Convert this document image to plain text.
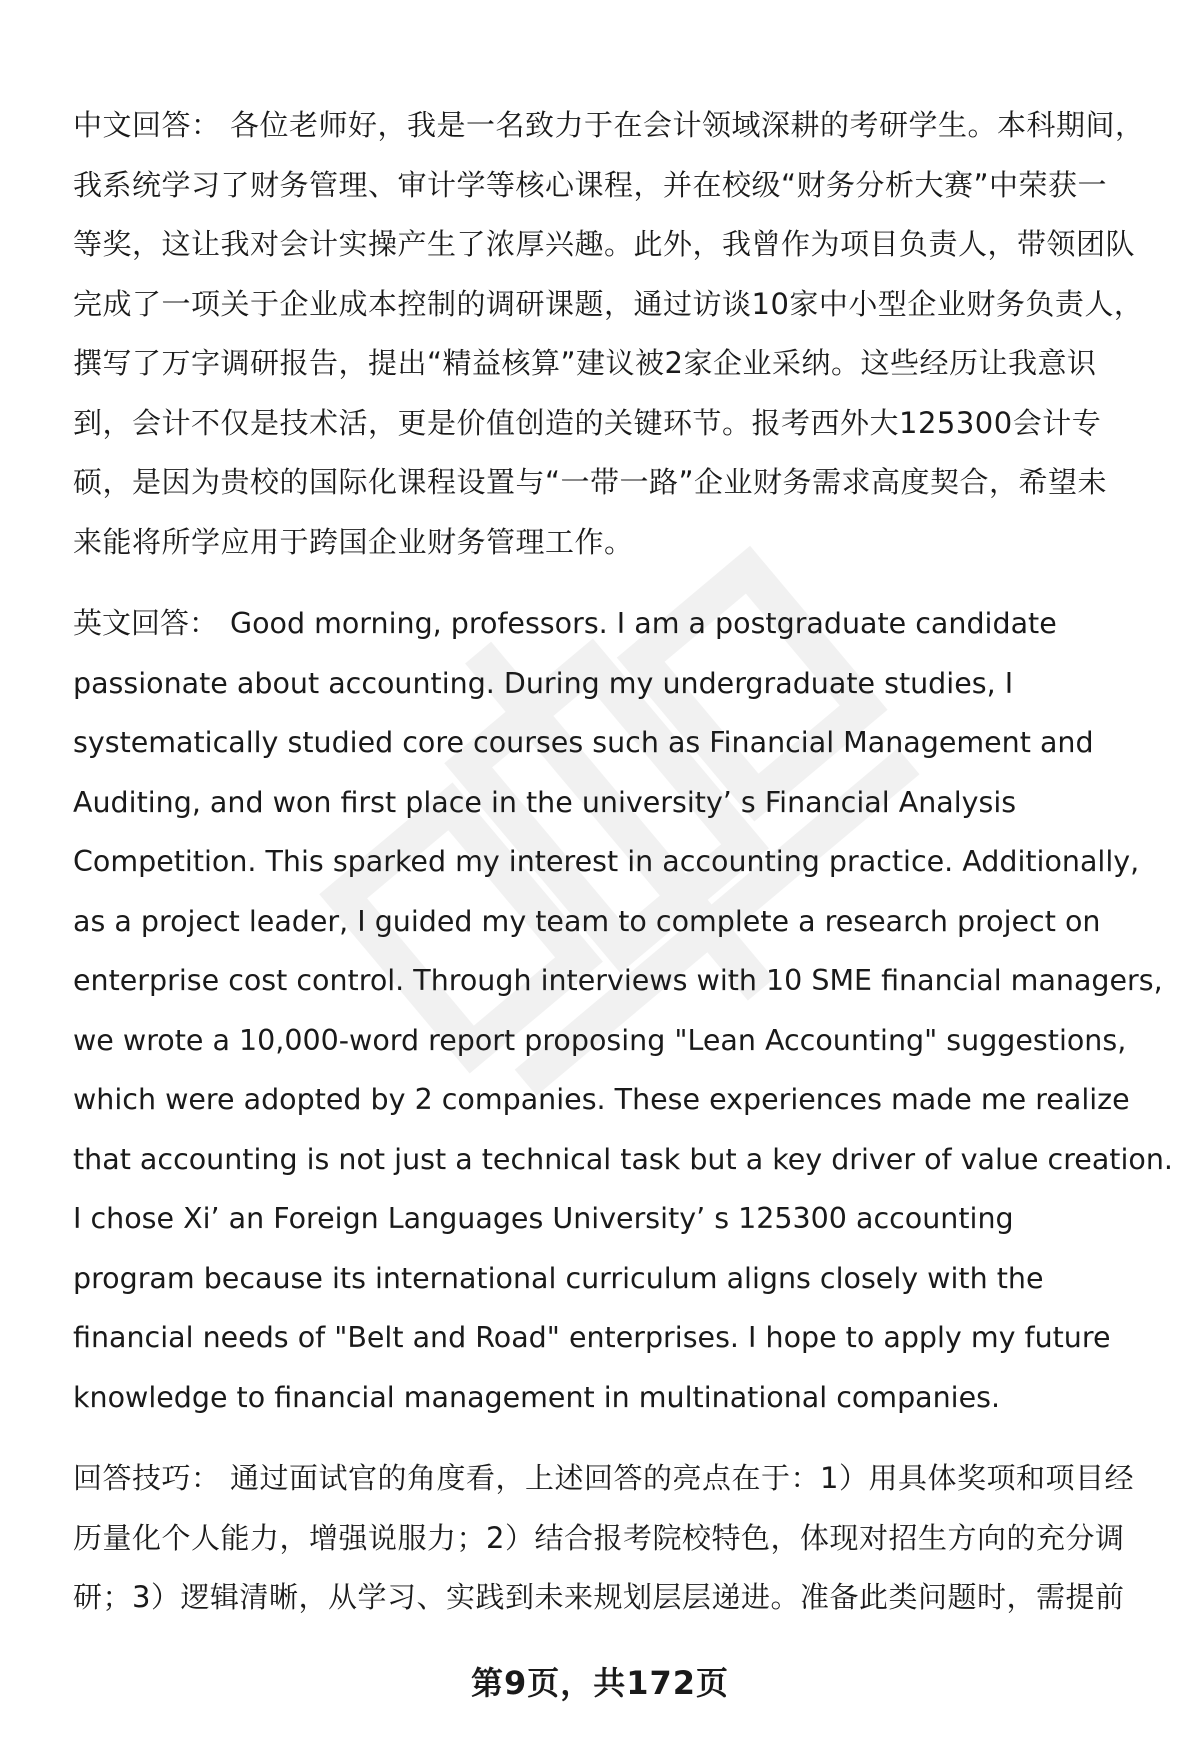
中文回答： 各位老师好，我是一名致力于在会计领域深耕的考研学生。本科期间，
我系统学习了财务管理、审计学等核心课程，并在校级“财务分析大赛”中荣获一
等奖，这让我对会计实操产生了浓厚兴趣。此外，我曾作为项目负责人，带领团队
完成了一项关于企业成本控制的调研课题，通过访谈10家中小型企业财务负责人，
撰写了万字调研报告，提出“精益核算”建议被2家企业采纳。这些经历让我意识
到，会计不仅是技术活，更是价值创造的关键环节。报考西外大125300会计专
硕，是因为贵校的国际化课程设置与“一带一路”企业财务需求高度契合，希望未
来能将所学应用于跨国企业财务管理工作。
英文回答： Good morning, professors. I am a postgraduate candidate
passionate about accounting. During my undergraduate studies, I
systematically studied core courses such as Financial Management and
Auditing, and won first place in the university’ s Financial Analysis
Competition. This sparked my interest in accounting practice. Additionally,
as a project leader, I guided my team to complete a research project on
enterprise cost control. Through interviews with 10 SME financial managers,
we wrote a 10,000-word report proposing "Lean Accounting" suggestions,
which were adopted by 2 companies. These experiences made me realize
that accounting is not just a technical task but a key driver of value creation.
I chose Xi’ an Foreign Languages University’ s 125300 accounting
program because its international curriculum aligns closely with the
financial needs of "Belt and Road" enterprises. I hope to apply my future
knowledge to financial management in multinational companies.
回答技巧： 通过面试官的角度看，上述回答的亮点在于：1）用具体奖项和项目经
历量化个人能力，增强说服力；2）结合报考院校特色，体现对招生方向的充分调
研；3）逻辑清晰，从学习、实践到未来规划层层递进。准备此类问题时，需提前
第9页，共172页
